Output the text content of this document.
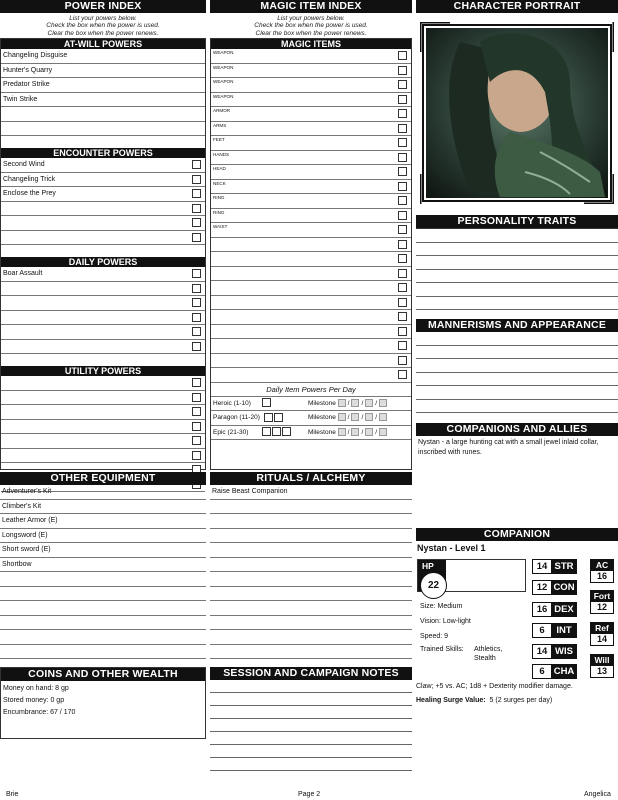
POWER INDEX
List your powers below.
Check the box when the power is used.
Clear the box when the power renews.
AT-WILL POWERS
Changeling Disguise
Hunter's Quarry
Predator Strike
Twin Strike
ENCOUNTER POWERS
Second Wind
Changeling Trick
Enclose the Prey
DAILY POWERS
Boar Assault
UTILITY POWERS
MAGIC ITEM INDEX
List your powers below.
Check the box when the power is used.
Clear the box when the power renews.
MAGIC ITEMS
WEAPON
WEAPON
WEAPON
WEAPON
ARMOR
ARMS
FEET
HANDS
HEAD
NECK
RING
RING
WAIST
Daily Item Powers Per Day
Heroic (1-10)	Milestone / / /
Paragon (11-20)	Milestone / / /
Epic (21-30)	Milestone / / /
CHARACTER PORTRAIT
PERSONALITY TRAITS
MANNERISMS AND APPEARANCE
COMPANIONS AND ALLIES
Nystan - a large hunting cat with a small jewel inlaid collar, inscribed with runes.
OTHER EQUIPMENT
Adventurer's Kit
Climber's Kit
Leather Armor (E)
Longsword (E)
Short sword (E)
Shortbow
RITUALS / ALCHEMY
Raise Beast Companion
COMPANION
Nystan - Level 1
HP
22
Size: Medium
Vision: Low-light
Speed: 9
Trained Skills: Athletics,
Stealth
14 STR
12 CON
16 DEX
6	INT
14 WIS
6 CHA
AC
16
Fort
12
Ref
14
Will
13
Claw; +5 vs. AC; 1d8 + Dexterity modifier damage.
Healing Surge Value: 5 (2 surges per day)
COINS AND OTHER WEALTH
Money on hand: 8 gp
Stored money: 0 gp
Encumbrance: 67 / 170
SESSION AND CAMPAIGN NOTES
Brie	Page 2	Angelica
